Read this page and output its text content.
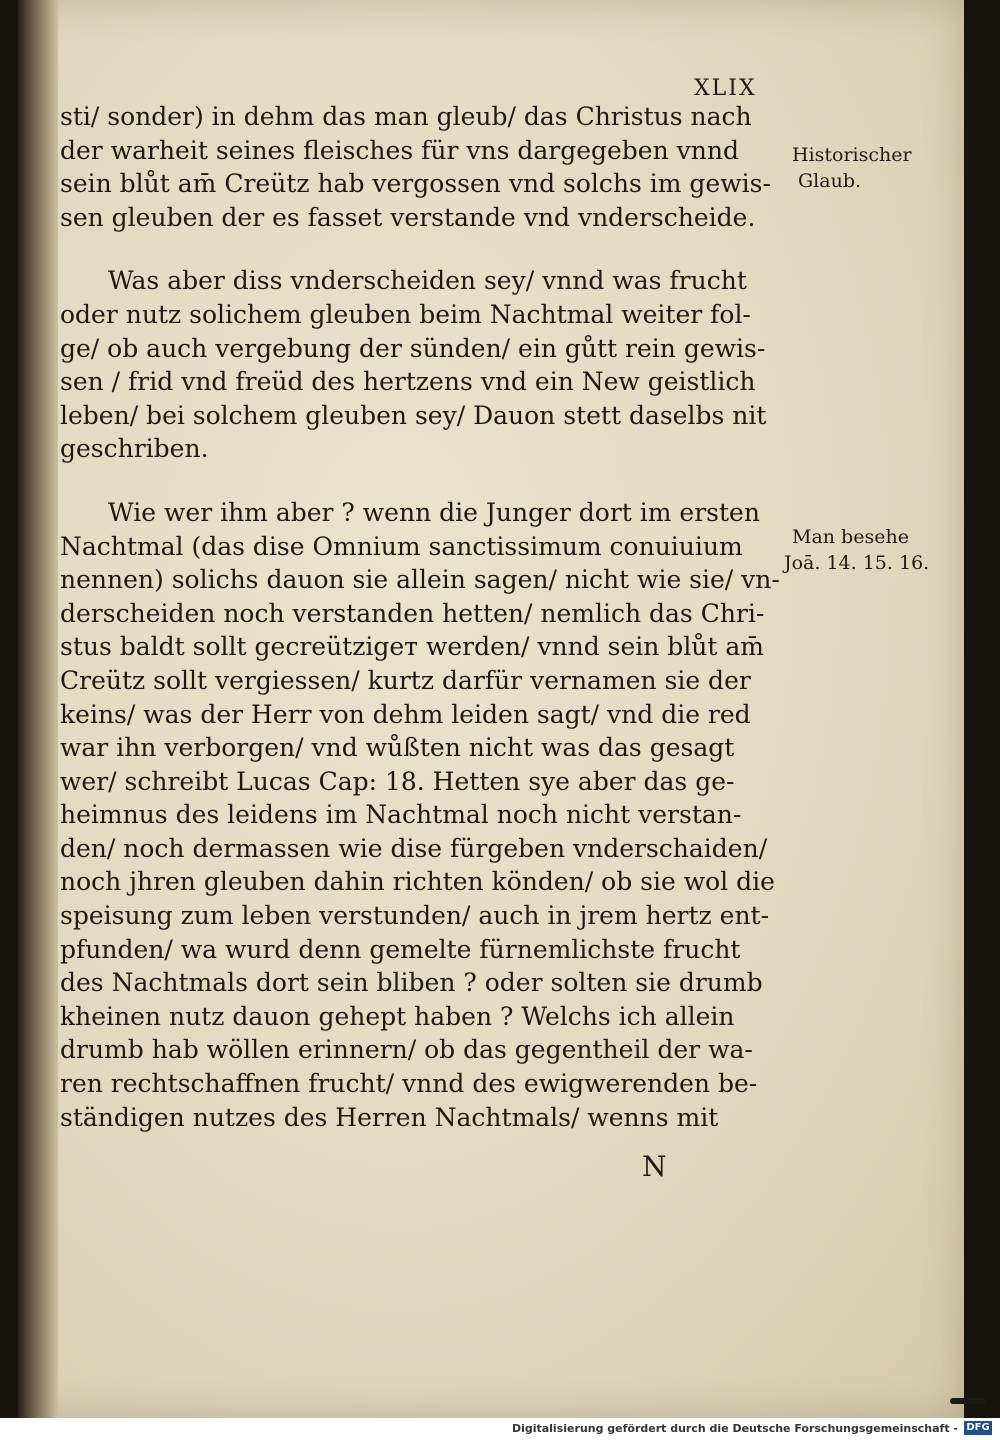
XLIX
sti/ sonder) in dehm das man gleub/ das Christus nach
der warheit seines fleisches für vns dargegeben vnnd
sein blůt am̄ Creütz hab vergossen vnd solchs im gewis-
sen gleuben der es fasset verstande vnd vnderscheide.
Was aber diss vnderscheiden sey/ vnnd was frucht
oder nutz solichem gleuben beim Nachtmal weiter fol-
ge/ ob auch vergebung der sünden/ ein gůtt rein gewis-
sen / frid vnd freüd des hertzens vnd ein New geistlich
leben/ bei solchem gleuben sey/ Dauon stett daselbs nit
geschriben.
Wie wer ihm aber ? wenn die Junger dort im ersten
Nachtmal (das dise Omnium sanctissimum conuiuium
nennen) solichs dauon sie allein sagen/ nicht wie sie/ vn-
derscheiden noch verstanden hetten/ nemlich das Chri-
stus baldt sollt gecreützigет werden/ vnnd sein blůt am̄
Creütz sollt vergiessen/ kurtz darfür vernamen sie der
keins/ was der Herr von dehm leiden sagt/ vnd die red
war ihn verborgen/ vnd wůßten nicht was das gesagt
wer/ schreibt Lucas Cap: 18. Hetten sye aber das ge-
heimnus des leidens im Nachtmal noch nicht verstan-
den/ noch dermassen wie dise fürgeben vnderschaiden/
noch jhren gleuben dahin richten könden/ ob sie wol die
speisung zum leben verstunden/ auch in jrem hertz ent-
pfunden/ wa wurd denn gemelte fürnemlichste frucht
des Nachtmals dort sein bliben ? oder solten sie drumb
kheinen nutz dauon gehept haben ? Welchs ich allein
drumb hab wöllen erinnern/ ob das gegentheil der wa-
ren rechtschaffnen frucht/ vnnd des ewigwerenden be-
ständigen nutzes des Herren Nachtmals/ wenns mit
Historischer
Glaub.
Man besehe
Joā. 14. 15. 16.
N
Digitalisierung gefördert durch die Deutsche Forschungsgemeinschaft - DFG
